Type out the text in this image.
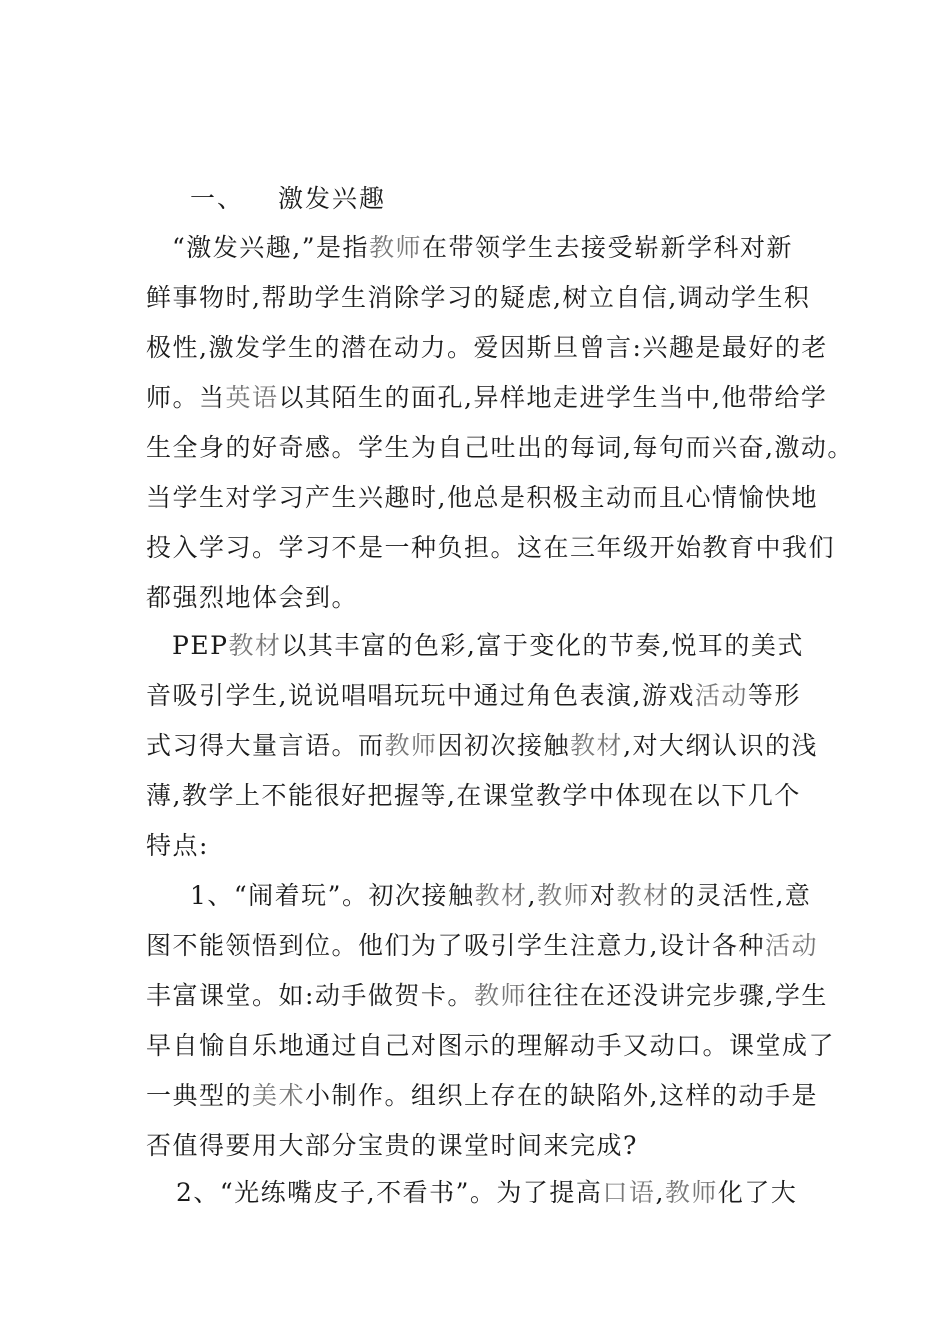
一、 激发兴趣
“激发兴趣,”是指教师在带领学生去接受崭新学科对新
鲜事物时,帮助学生消除学习的疑虑,树立自信,调动学生积
极性,激发学生的潜在动力。爱因斯旦曾言:兴趣是最好的老
师。当英语以其陌生的面孔,异样地走进学生当中,他带给学
生全身的好奇感。学生为自己吐出的每词,每句而兴奋,激动。
当学生对学习产生兴趣时,他总是积极主动而且心情愉快地
投入学习。学习不是一种负担。这在三年级开始教育中我们
都强烈地体会到。
PEP教材以其丰富的色彩,富于变化的节奏,悦耳的美式
音吸引学生,说说唱唱玩玩中通过角色表演,游戏活动等形
式习得大量言语。而教师因初次接触教材,对大纲认识的浅
薄,教学上不能很好把握等,在课堂教学中体现在以下几个
特点:
1、“闹着玩”。初次接触教材,教师对教材的灵活性,意
图不能领悟到位。他们为了吸引学生注意力,设计各种活动
丰富课堂。如:动手做贺卡。教师往往在还没讲完步骤,学生
早自愉自乐地通过自己对图示的理解动手又动口。课堂成了
一典型的美术小制作。组织上存在的缺陷外,这样的动手是
否值得要用大部分宝贵的课堂时间来完成?
2、“光练嘴皮子,不看书”。为了提高口语,教师化了大
